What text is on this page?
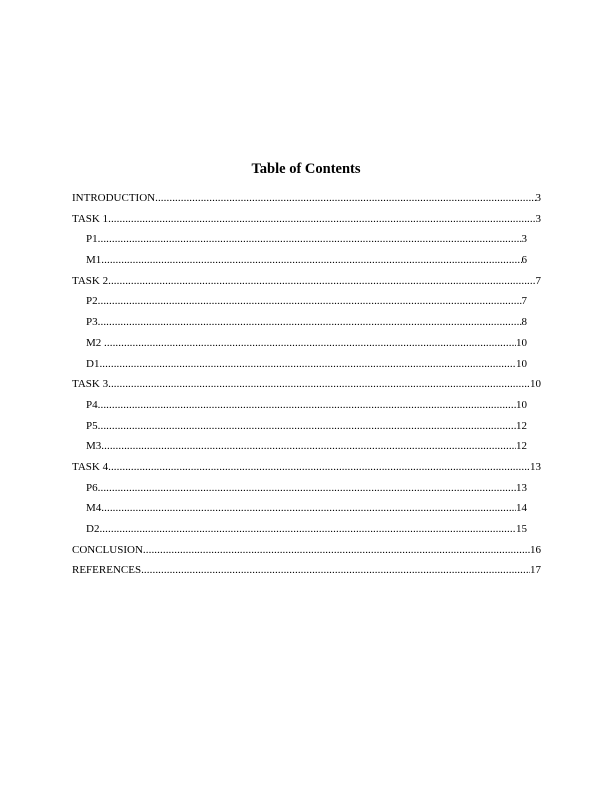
Table of Contents
INTRODUCTION .....	3
TASK 1 .....	3
P1 .....	3
M1 .....	6
TASK 2 .....	7
P2 .....	7
P3 .....	8
M2 .....	10
D1 .....	10
TASK 3 .....	10
P4 .....	10
P5 .....	12
M3 .....	12
TASK 4 .....	13
P6 .....	13
M4 .....	14
D2 .....	15
CONCLUSION .....	16
REFERENCES .....	17
